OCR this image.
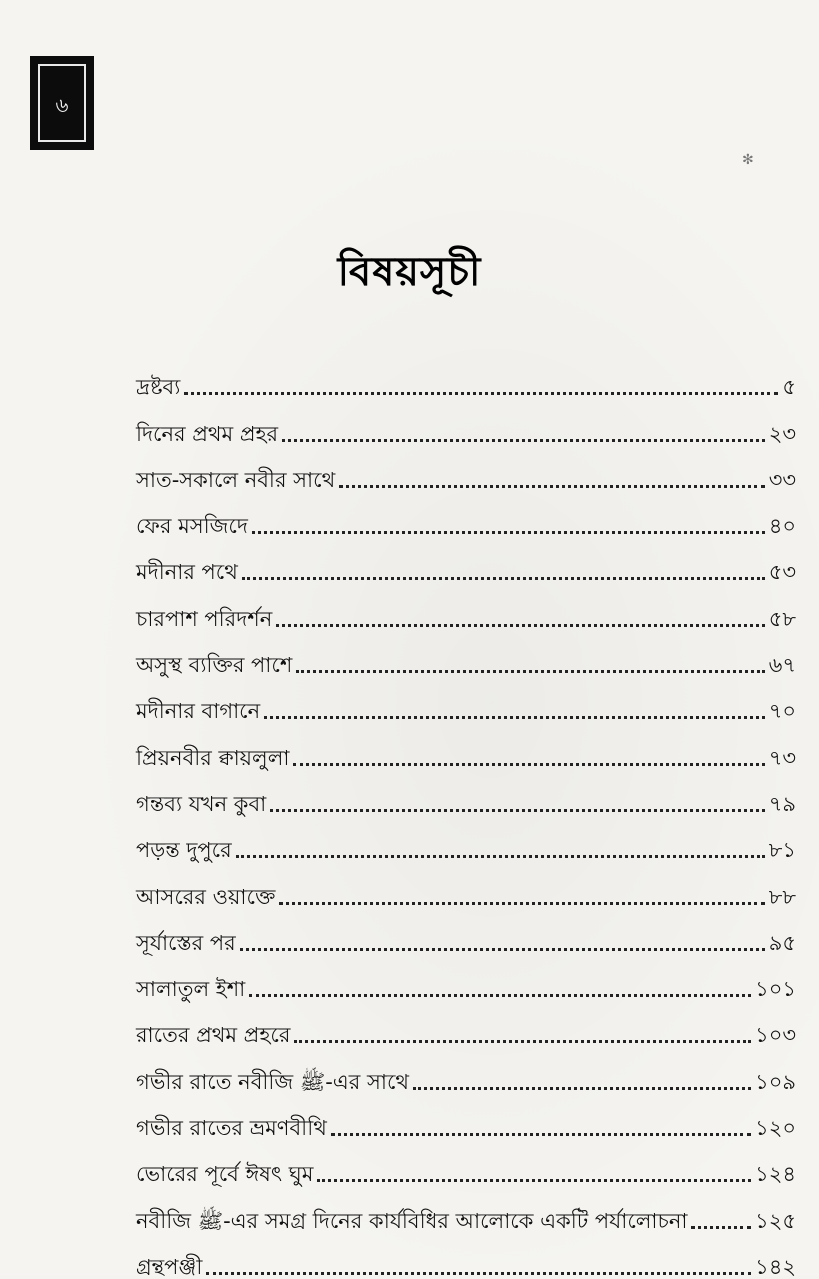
৬
✻
বিষয়সূচী
দ্রষ্টব্য	৫
দিনের প্রথম প্রহর	২৩
সাত-সকালে নবীর সাথে	৩৩
ফের মসজিদে	৪০
মদীনার পথে	৫৩
চারপাশ পরিদর্শন	৫৮
অসুস্থ ব্যক্তির পাশে	৬৭
মদীনার বাগানে	৭০
প্রিয়নবীর ক্বায়লুলা	৭৩
গন্তব্য যখন কুবা	৭৯
পড়ন্ত দুপুরে	৮১
আসরের ওয়াক্তে	৮৮
সূর্যাস্তের পর	৯৫
সালাতুল ইশা	১০১
রাতের প্রথম প্রহরে	১০৩
গভীর রাতে নবীজি ﷺ-এর সাথে	১০৯
গভীর রাতের ভ্রমণবীথি	১২০
ভোরের পূর্বে ঈষৎ ঘুম	১২৪
নবীজি ﷺ-এর সমগ্র দিনের কার্যবিধির আলোকে একটি পর্যালোচনা	১২৫
গ্রন্থপঞ্জী	১৪২
